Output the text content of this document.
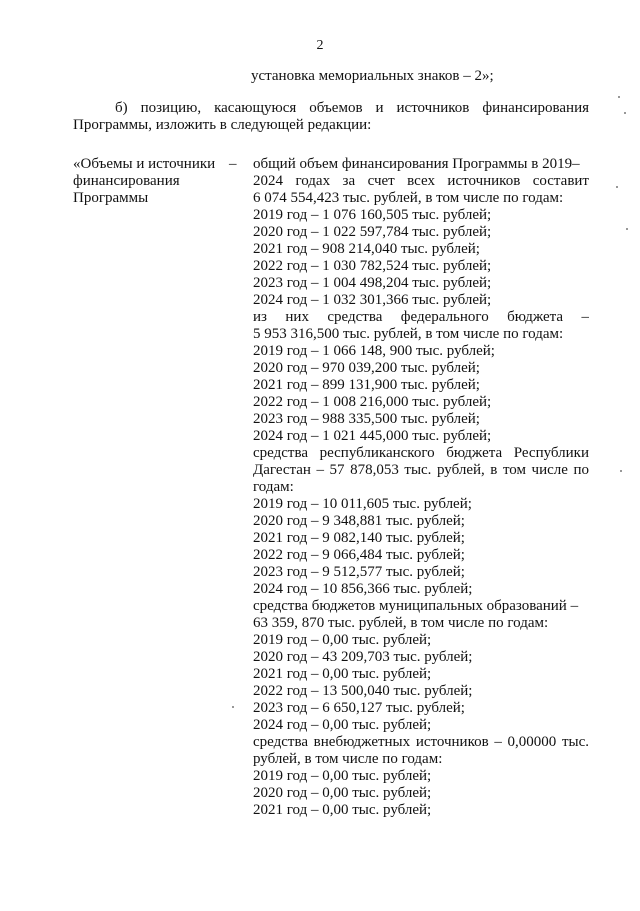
2
установка мемориальных знаков – 2»;
б) позицию, касающуюся объемов и источников финансирования Программы, изложить в следующей редакции:
«Объемы и источники
финансирования
Программы
– общий объем финансирования Программы в 2019–
2024 годах за счет всех источников составит
6 074 554,423 тыс. рублей, в том числе по годам:
2019 год – 1 076 160,505 тыс. рублей;
2020 год – 1 022 597,784 тыс. рублей;
2021 год – 908 214,040 тыс. рублей;
2022 год – 1 030 782,524 тыс. рублей;
2023 год – 1 004 498,204 тыс. рублей;
2024 год – 1 032 301,366 тыс. рублей;
из них средства федерального бюджета –
5 953 316,500 тыс. рублей, в том числе по годам:
2019 год – 1 066 148, 900 тыс. рублей;
2020 год – 970 039,200 тыс. рублей;
2021 год – 899 131,900 тыс. рублей;
2022 год – 1 008 216,000 тыс. рублей;
2023 год – 988 335,500 тыс. рублей;
2024 год – 1 021 445,000 тыс. рублей;
средства республиканского бюджета Республики
Дагестан – 57 878,053 тыс. рублей, в том числе по
годам:
2019 год – 10 011,605 тыс. рублей;
2020 год – 9 348,881 тыс. рублей;
2021 год – 9 082,140 тыс. рублей;
2022 год – 9 066,484 тыс. рублей;
2023 год – 9 512,577 тыс. рублей;
2024 год – 10 856,366 тыс. рублей;
средства бюджетов муниципальных образований –
63 359, 870 тыс. рублей, в том числе по годам:
2019 год – 0,00 тыс. рублей;
2020 год – 43 209,703 тыс. рублей;
2021 год – 0,00 тыс. рублей;
2022 год – 13 500,040 тыс. рублей;
2023 год – 6 650,127 тыс. рублей;
2024 год – 0,00 тыс. рублей;
средства внебюджетных источников – 0,00000 тыс.
рублей, в том числе по годам:
2019 год – 0,00 тыс. рублей;
2020 год – 0,00 тыс. рублей;
2021 год – 0,00 тыс. рублей;
